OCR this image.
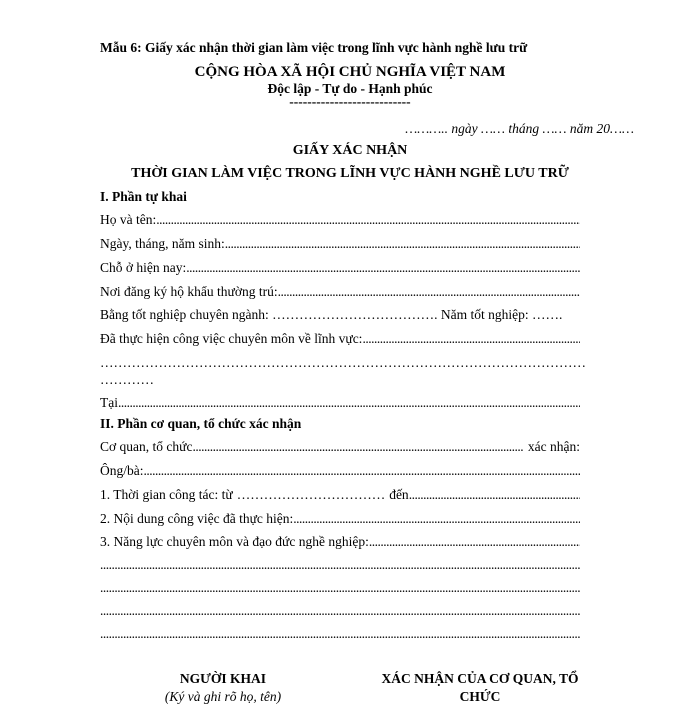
Mẫu 6: Giấy xác nhận thời gian làm việc trong lĩnh vực hành nghề lưu trữ
CỘNG HÒA XÃ HỘI CHỦ NGHĨA VIỆT NAM
Độc lập - Tự do - Hạnh phúc
---------------------------
……….. ngày …… tháng …… năm 20……
GIẤY XÁC NHẬN
THỜI GIAN LÀM VIỆC TRONG LĨNH VỰC HÀNH NGHỀ LƯU TRỮ
I. Phần tự khai
Họ và tên:
.....
Ngày, tháng, năm sinh:
.....
Chỗ ở hiện nay:
.....
Nơi đăng ký hộ khẩu thường trú:
.....
Bằng tốt nghiệp chuyên ngành: ………………………………. Năm tốt nghiệp: …….
Đã thực hiện công việc chuyên môn về lĩnh vực:
.....
………………………………………………………………………………………………
…………
Tại
.....
II. Phần cơ quan, tổ chức xác nhận
Cơ quan, tổ chức
.....	xác nhận:
Ông/bà:
.....
1. Thời gian công tác: từ …………………………… đến
.....
2. Nội dung công việc đã thực hiện:
.....
3. Năng lực chuyên môn và đạo đức nghề nghiệp:
.....
.....
.....
.....
.....
NGƯỜI KHAI
(Ký và ghi rõ họ, tên)
XÁC NHẬN CỦA CƠ QUAN, TỔ
CHỨC
